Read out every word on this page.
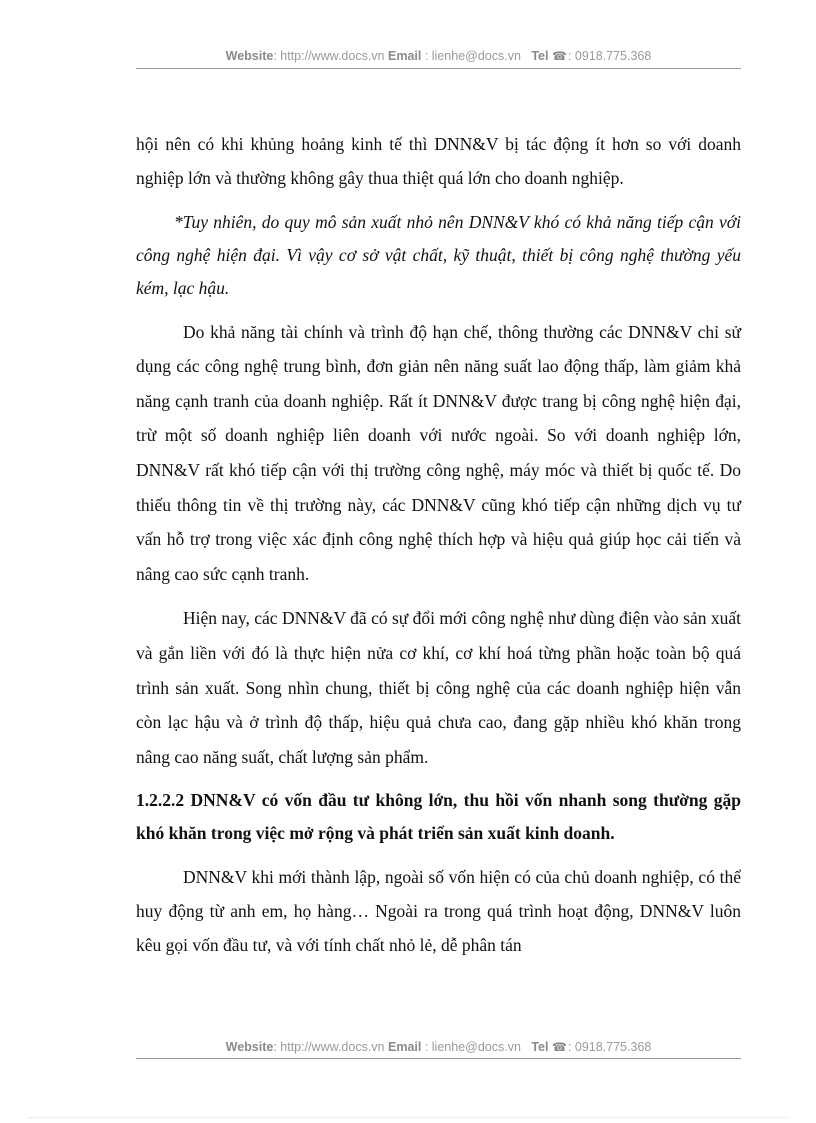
Website: http://www.docs.vn Email : lienhe@docs.vn Tel ☎: 0918.775.368

hội nên có khi khủng hoảng kinh tế thì DNN&V bị tác động ít hơn so với doanh nghiệp lớn và thường không gây thua thiệt quá lớn cho doanh nghiệp.

*Tuy nhiên, do quy mô sản xuất nhỏ nên DNN&V khó có khả năng tiếp cận với công nghệ hiện đại. Vì vậy cơ sở vật chất, kỹ thuật, thiết bị công nghệ thường yếu kém, lạc hậu.

Do khả năng tài chính và trình độ hạn chế, thông thường các DNN&V chỉ sử dụng các công nghệ trung bình, đơn giản nên năng suất lao động thấp, làm giảm khả năng cạnh tranh của doanh nghiệp. Rất ít DNN&V được trang bị công nghệ hiện đại, trừ một số doanh nghiệp liên doanh với nước ngoài. So với doanh nghiệp lớn, DNN&V rất khó tiếp cận với thị trường công nghệ, máy móc và thiết bị quốc tế. Do thiếu thông tin về thị trường này, các DNN&V cũng khó tiếp cận những dịch vụ tư vấn hỗ trợ trong việc xác định công nghệ thích hợp và hiệu quả giúp học cải tiến và nâng cao sức cạnh tranh.

Hiện nay, các DNN&V đã có sự đổi mới công nghệ như dùng điện vào sản xuất và gắn liền với đó là thực hiện nửa cơ khí, cơ khí hoá từng phần hoặc toàn bộ quá trình sản xuất. Song nhìn chung, thiết bị công nghệ của các doanh nghiệp hiện vẫn còn lạc hậu và ở trình độ thấp, hiệu quả chưa cao, đang gặp nhiều khó khăn trong nâng cao năng suất, chất lượng sản phẩm.

1.2.2.2 DNN&V có vốn đầu tư không lớn, thu hồi vốn nhanh song thường gặp khó khăn trong việc mở rộng và phát triển sản xuất kinh doanh.

DNN&V khi mới thành lập, ngoài số vốn hiện có của chủ doanh nghiệp, có thể huy động từ anh em, họ hàng… Ngoài ra trong quá trình hoạt động, DNN&V luôn kêu gọi vốn đầu tư, và với tính chất nhỏ lẻ, dễ phân tán

Website: http://www.docs.vn Email : lienhe@docs.vn Tel ☎: 0918.775.368
